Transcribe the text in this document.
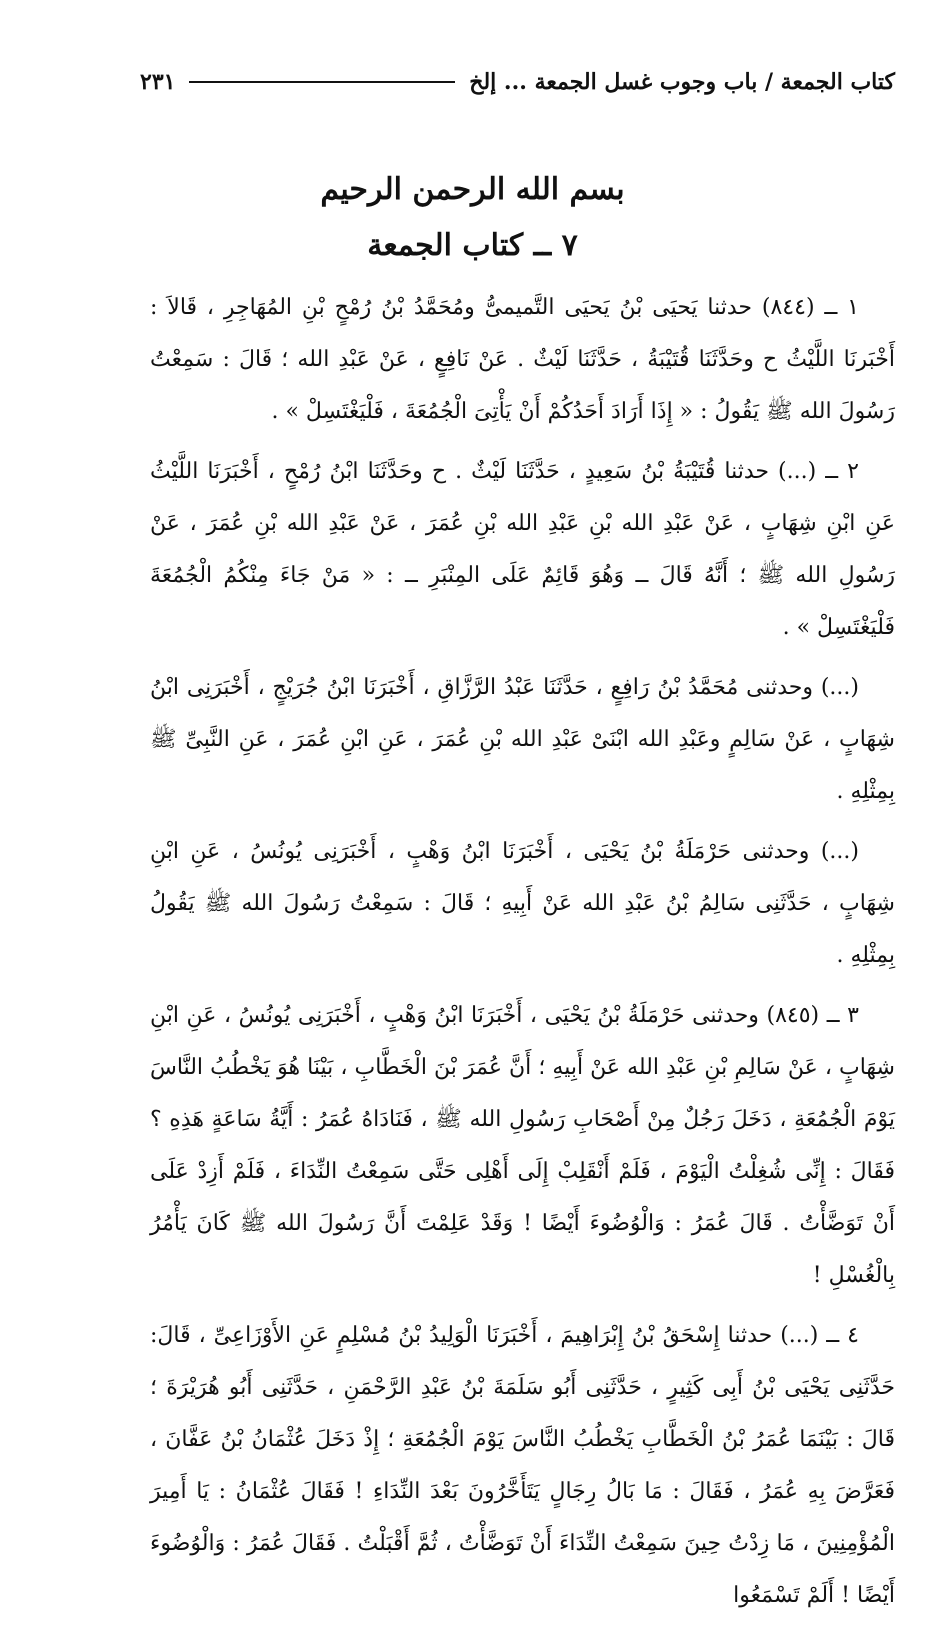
كتاب الجمعة / باب وجوب غسل الجمعة ... إلخ
٢٣١
بسم الله الرحمن الرحيم
٧ ــ كتاب الجمعة

١ ــ (٨٤٤) حدثنا يَحيَى بْنُ يَحيَى التَّميمىُّ ومُحَمَّدُ بْنُ رُمْحٍ بْنِ المُهَاجِرِ ، قَالاَ : أَخْبَرنَا اللَّيْثُ ح وحَدَّثَنَا قُتَيْبَةُ ، حَدَّثَنَا لَيْثٌ . عَنْ نَافِعٍ ، عَنْ عَبْدِ الله ؛ قَالَ : سَمِعْتُ رَسُولَ الله ﷺ يَقُولُ : « إِذَا أَرَادَ أَحَدُكُمْ أَنْ يَأْتِىَ الْجُمُعَةَ ، فَلْيَغْتَسِلْ » .

٢ ــ (...) حدثنا قُتَيْبَةُ بْنُ سَعِيدٍ ، حَدَّثَنَا لَيْثٌ . ح وحَدَّثَنَا ابْنُ رُمْحٍ ، أَخْبَرَنَا اللَّيْثُ عَنِ ابْنِ شِهَابٍ ، عَنْ عَبْدِ الله بْنِ عَبْدِ الله بْنِ عُمَرَ ، عَنْ عَبْدِ الله بْنِ عُمَرَ ، عَنْ رَسُولِ الله ﷺ ؛ أَنَّهُ قَالَ ــ وَهُوَ قَائِمٌ عَلَى المِنْبَرِ ــ : « مَنْ جَاءَ مِنْكُمُ الْجُمُعَةَ فَلْيَغْتَسِلْ » .

(...) وحدثنى مُحَمَّدُ بْنُ رَافِعٍ ، حَدَّثَنَا عَبْدُ الرَّزَّاقِ ، أَخْبَرَنَا ابْنُ جُرَيْجٍ ، أَخْبَرَنِى ابْنُ شِهَابٍ ، عَنْ سَالِمٍ وعَبْدِ الله ابْنَىْ عَبْدِ الله بْنِ عُمَرَ ، عَنِ ابْنِ عُمَرَ ، عَنِ النَّبِىِّ ﷺ بِمِثْلِهِ .

(...) وحدثنى حَرْمَلَةُ بْنُ يَحْيَى ، أَخْبَرَنَا ابْنُ وَهْبٍ ، أَخْبَرَنِى يُونُسُ ، عَنِ ابْنِ شِهَابٍ ، حَدَّثَنِى سَالِمُ بْنُ عَبْدِ الله عَنْ أَبِيهِ ؛ قَالَ : سَمِعْتُ رَسُولَ الله ﷺ يَقُولُ بِمِثْلِهِ .

٣ ــ (٨٤٥) وحدثنى حَرْمَلَةُ بْنُ يَحْيَى ، أَخْبَرَنَا ابْنُ وَهْبٍ ، أَخْبَرَنِى يُونُسُ ، عَنِ ابْنِ شِهَابٍ ، عَنْ سَالِمِ بْنِ عَبْدِ الله عَنْ أَبِيهِ ؛ أَنَّ عُمَرَ بْنَ الْخَطَّابِ ، بَيْنَا هُوَ يَخْطُبُ النَّاسَ يَوْمَ الْجُمُعَةِ ، دَخَلَ رَجُلٌ مِنْ أَصْحَابِ رَسُولِ الله ﷺ ، فَنَادَاهُ عُمَرُ : أَيَّةُ سَاعَةٍ هَذِهِ ؟ فَقَالَ : إِنِّى شُغِلْتُ الْيَوْمَ ، فَلَمْ أَنْقَلِبْ إِلَى أَهْلِى حَتَّى سَمِعْتُ النِّدَاءَ ، فَلَمْ أَزِدْ عَلَى أَنْ تَوَضَّأْتُ . قَالَ عُمَرُ : وَالْوُضُوءَ أَيْضًا ! وَقَدْ عَلِمْتَ أَنَّ رَسُولَ الله ﷺ كَانَ يَأْمُرُ بِالْغُسْلِ !

٤ ــ (...) حدثنا إِسْحَقُ بْنُ إِبْرَاهِيمَ ، أَخْبَرَنَا الْوَلِيدُ بْنُ مُسْلِمٍ عَنِ الأَوْزَاعِىِّ ، قَالَ: حَدَّثَنِى يَحْيَى بْنُ أَبِى كَثِيرٍ ، حَدَّثَنِى أَبُو سَلَمَةَ بْنُ عَبْدِ الرَّحْمَنِ ، حَدَّثَنِى أَبُو هُرَيْرَةَ ؛ قَالَ : بَيْنَمَا عُمَرُ بْنُ الْخَطَّابِ يَخْطُبُ النَّاسَ يَوْمَ الْجُمُعَةِ ؛ إِذْ دَخَلَ عُثْمَانُ بْنُ عَفَّانَ ، فَعَرَّضَ بِهِ عُمَرُ ، فَقَالَ : مَا بَالُ رِجَالٍ يَتَأَخَّرُونَ بَعْدَ النِّدَاءِ ! فَقَالَ عُثْمَانُ : يَا أَمِيرَ الْمُؤْمِنِينَ ، مَا زِدْتُ حِينَ سَمِعْتُ النِّدَاءَ أَنْ تَوَضَّأْتُ ، ثُمَّ أَقْبَلْتُ . فَقَالَ عُمَرُ : وَالْوُضُوءَ أَيْضًا ! أَلَمْ تَسْمَعُوا
